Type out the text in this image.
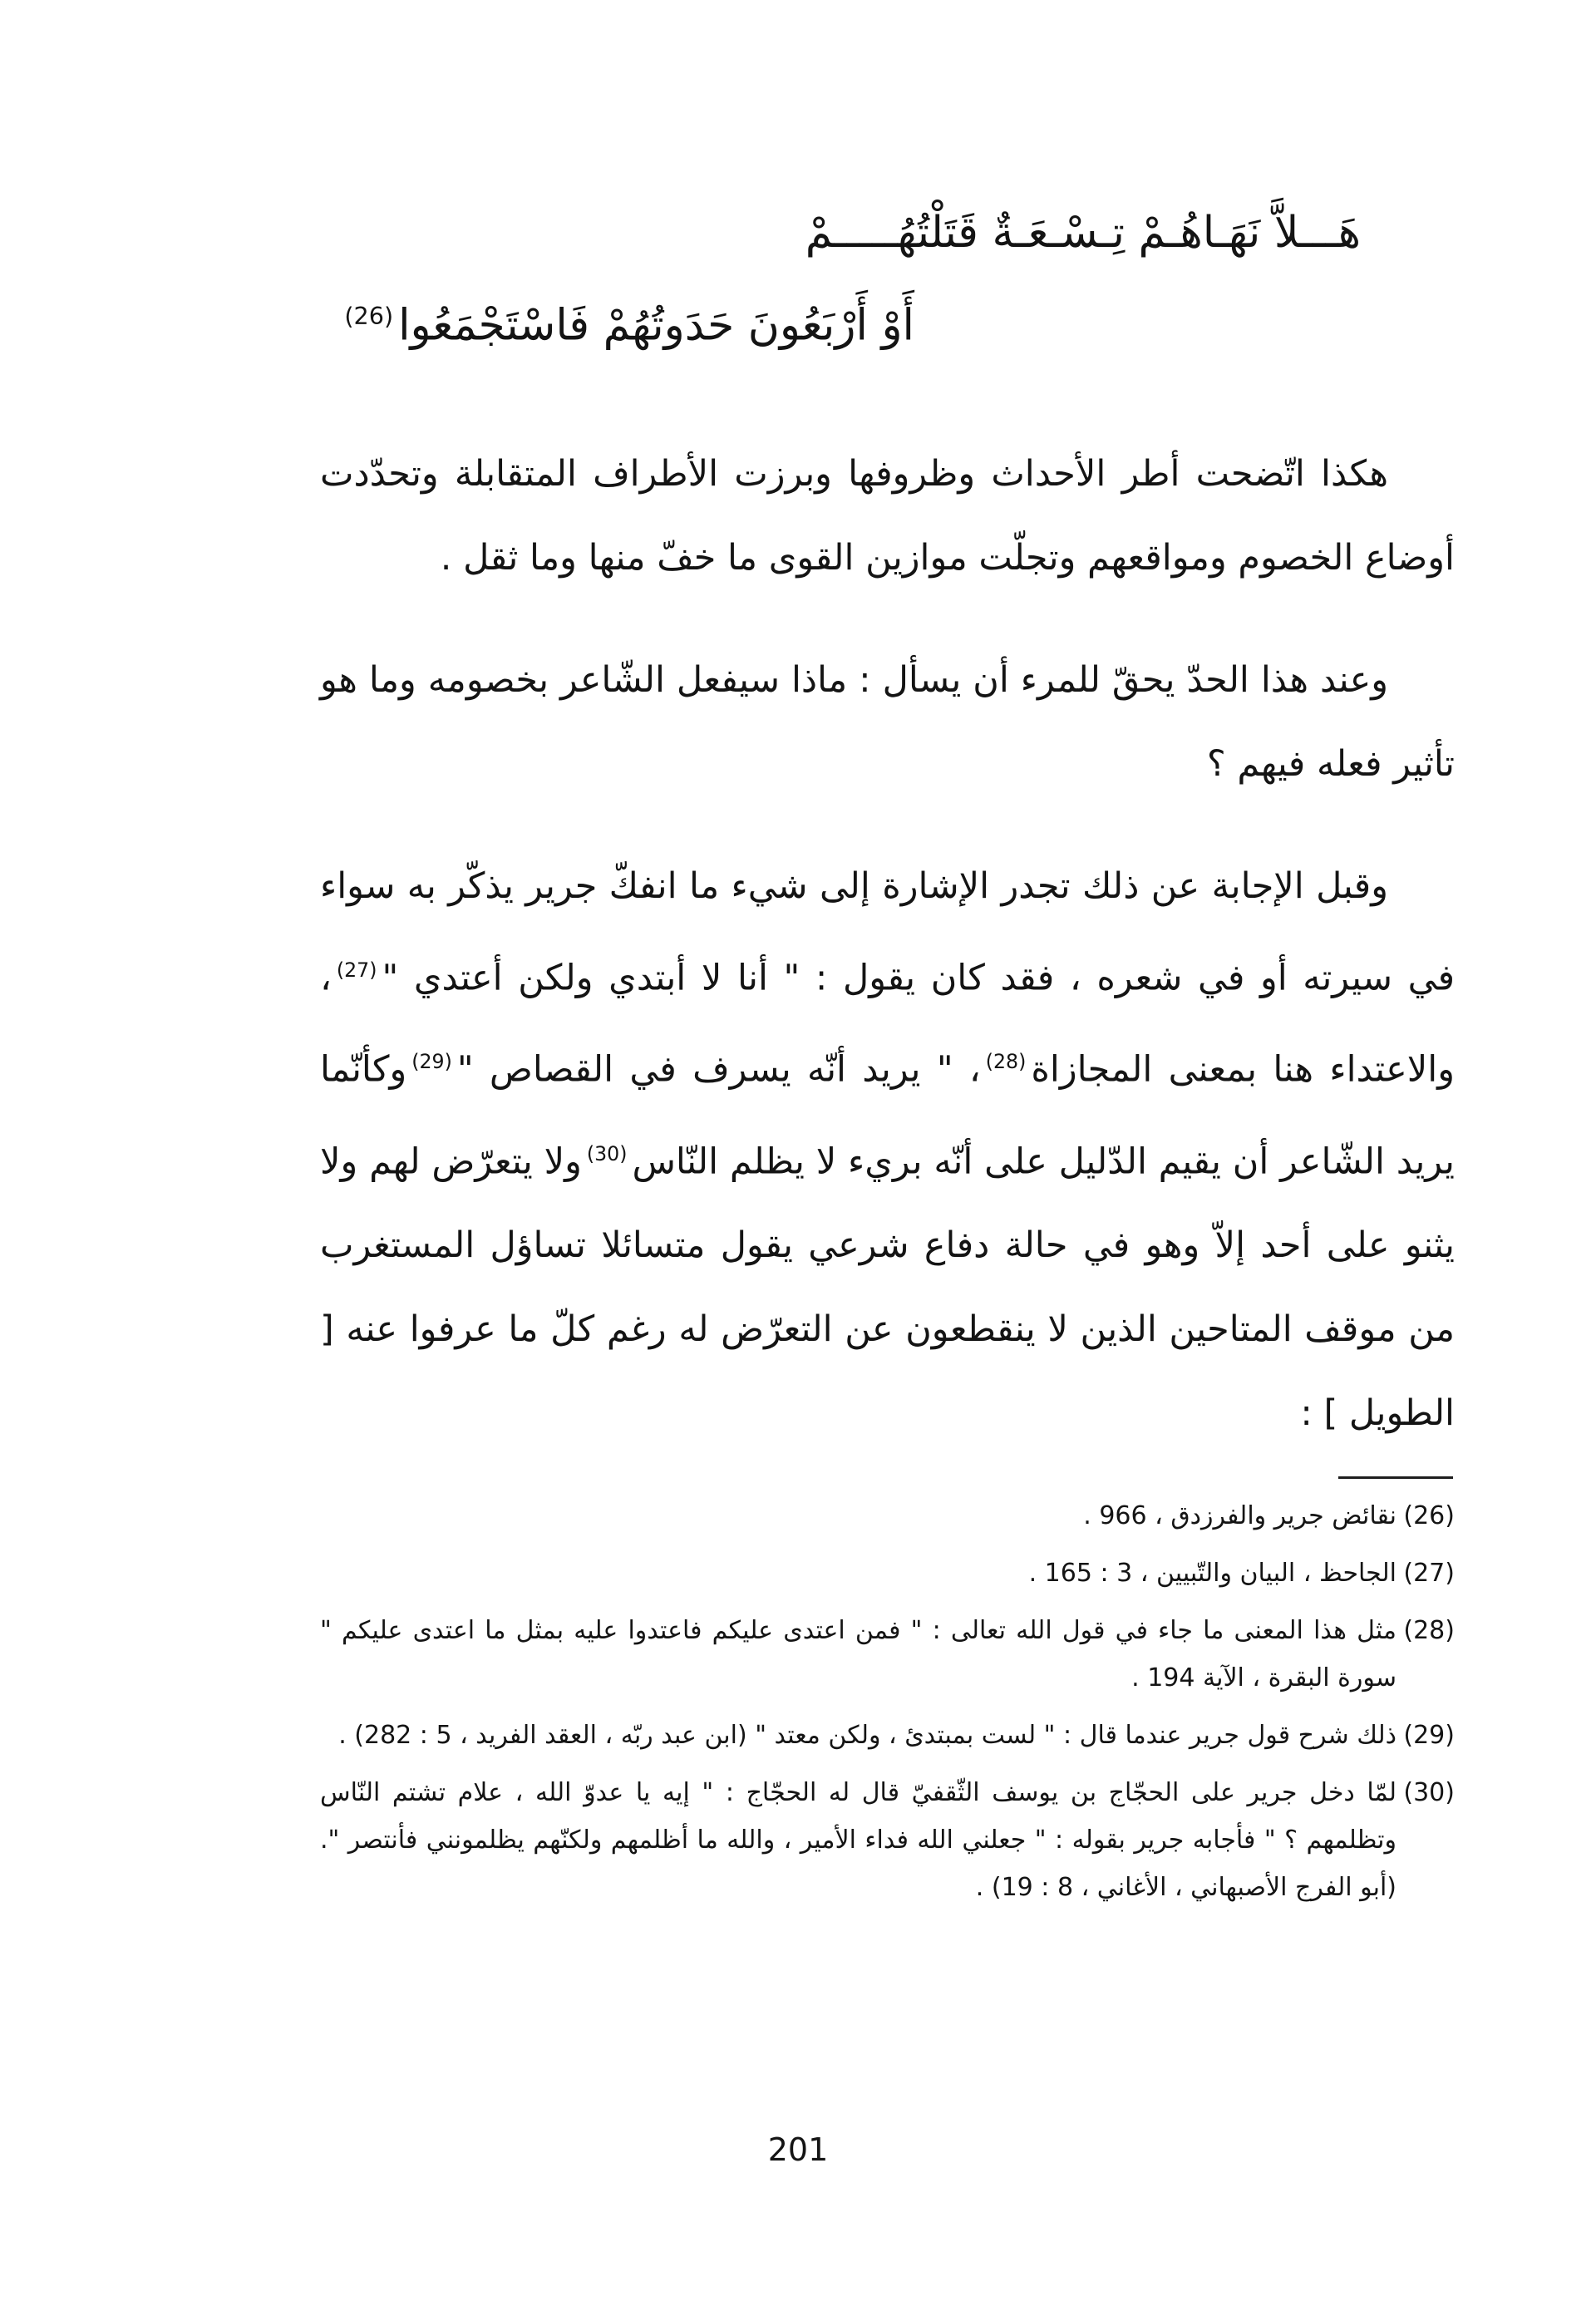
هَـــلاَّ نَهَـاهُـمْ تِـسْـعَـةٌ قَتَلْتُهُـــــمْ
أَوْ أَرْبَعُونَ حَدَوتُهُمْ فَاسْتَجْمَعُوا$^{(26)}$

هكذا اتّضحت أطر الأحداث وظروفها وبرزت الأطراف المتقابلة وتحدّدت أوضاع الخصوم ومواقعهم وتجلّت موازين القوى ما خفّ منها وما ثقل .

وعند هذا الحدّ يحقّ للمرء أن يسأل : ماذا سيفعل الشّاعر بخصومه وما هو تأثير فعله فيهم ؟

وقبل الإجابة عن ذلك تجدر الإشارة إلى شيء ما انفكّ جرير يذكّر به سواء في سيرته أو في شعره ، فقد كان يقول : " أنا لا أبتدي ولكن أعتدي "$^{(27)}$، والاعتداء هنا بمعنى المجازاة$^{(28)}$، " يريد أنّه يسرف في القصاص "$^{(29)}$وكأنّما يريد الشّاعر أن يقيم الدّليل على أنّه بريء لا يظلم النّاس$^{(30)}$ولا يتعرّض لهم ولا يثنو على أحد إلاّ وهو في حالة دفاع شرعي يقول متسائلا تساؤل المستغرب من موقف المتاحين الذين لا ينقطعون عن التعرّض له رغم كلّ ما عرفوا عنه [ الطويل ] :

(26)
نقائض جرير والفرزدق ، 966 .
(27)
الجاحظ ، البيان والتّبيين ، 3 : 165 .
(28)
مثل هذا المعنى ما جاء في قول الله تعالى : " فمن اعتدى عليكم فاعتدوا عليه بمثل ما اعتدى عليكم " سورة البقرة ، الآية 194 .
(29)
ذلك شرح قول جرير عندما قال : " لست بمبتدئ ، ولكن معتد " (ابن عبد ربّه ، العقد الفريد ، 5 : 282) .
(30)
لمّا دخل جرير على الحجّاج بن يوسف الثّقفيّ قال له الحجّاج : " إيه يا عدوّ الله ، علام تشتم النّاس وتظلمهم ؟ " فأجابه جرير بقوله : " جعلني الله فداء الأمير ، والله ما أظلمهم ولكنّهم يظلمونني فأنتصر ". (أبو الفرج الأصبهاني ، الأغاني ، 8 : 19) .
201
